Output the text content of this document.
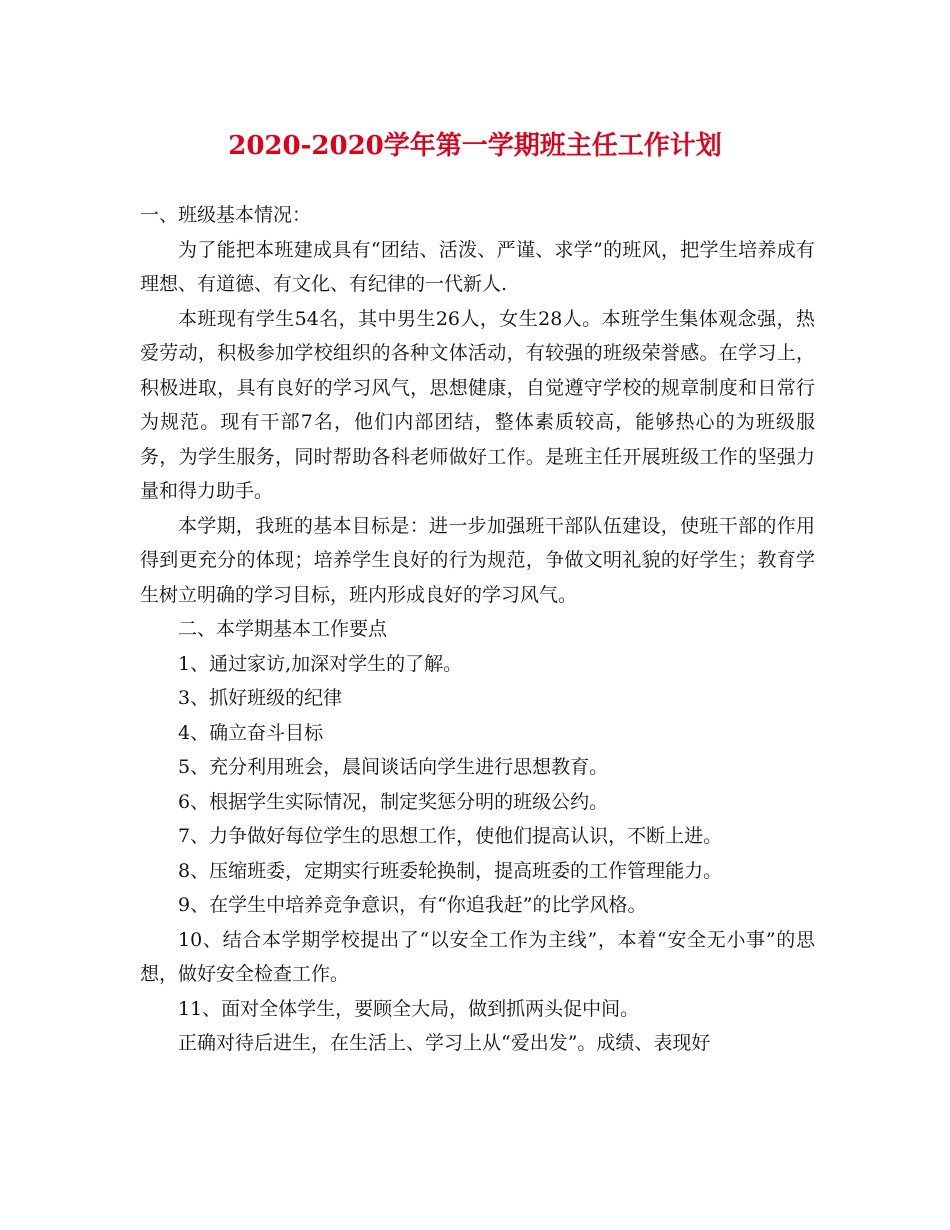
2020-2020学年第一学期班主任工作计划

一、班级基本情况：

为了能把本班建成具有“团结、活泼、严谨、求学”的班风，把学生培养成有理想、有道德、有文化、有纪律的一代新人.

本班现有学生54名，其中男生26人，女生28人。本班学生集体观念强，热爱劳动，积极参加学校组织的各种文体活动，有较强的班级荣誉感。在学习上，积极进取，具有良好的学习风气，思想健康，自觉遵守学校的规章制度和日常行为规范。现有干部7名，他们内部团结，整体素质较高，能够热心的为班级服务，为学生服务，同时帮助各科老师做好工作。是班主任开展班级工作的坚强力量和得力助手。

本学期，我班的基本目标是：进一步加强班干部队伍建设，使班干部的作用得到更充分的体现；培养学生良好的行为规范，争做文明礼貌的好学生；教育学生树立明确的学习目标，班内形成良好的学习风气。

二、本学期基本工作要点

1、通过家访,加深对学生的了解。

3、抓好班级的纪律

4、确立奋斗目标

5、充分利用班会，晨间谈话向学生进行思想教育。

6、根据学生实际情况，制定奖惩分明的班级公约。

7、力争做好每位学生的思想工作，使他们提高认识，不断上进。

8、压缩班委，定期实行班委轮换制，提高班委的工作管理能力。

9、在学生中培养竞争意识，有“你追我赶”的比学风格。

10、结合本学期学校提出了“以安全工作为主线”，本着“安全无小事”的思想，做好安全检查工作。

11、面对全体学生，要顾全大局，做到抓两头促中间。

正确对待后进生，在生活上、学习上从“爱出发”。成绩、表现好
